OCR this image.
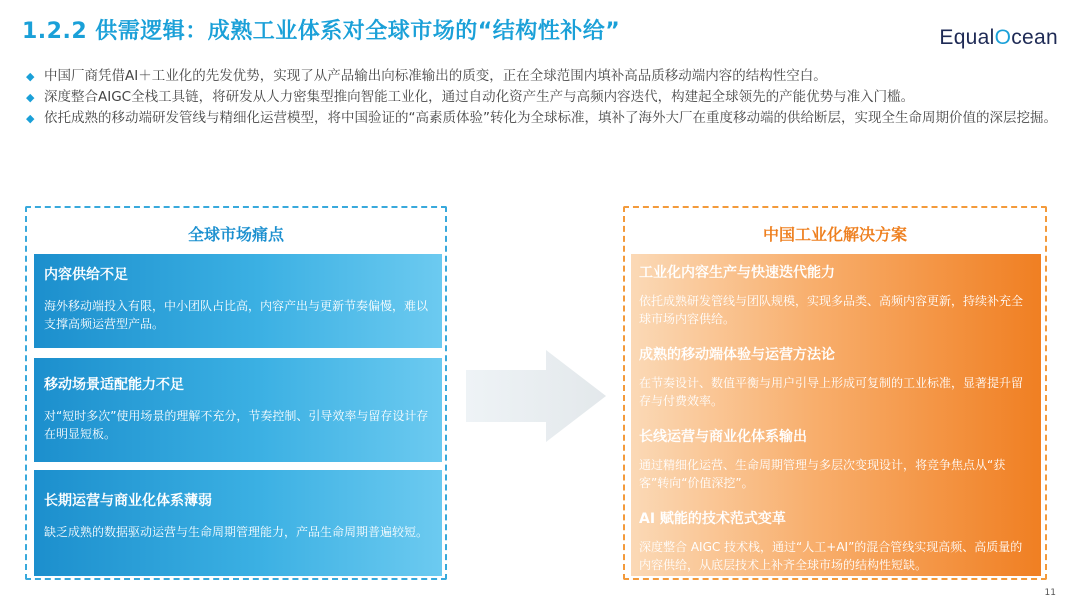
1.2.2 供需逻辑：成熟工业体系对全球市场的“结构性补给”	EqualOcean
◆ 中国厂商凭借AI＋工业化的先发优势，实现了从产品输出向标准输出的质变，正在全球范围内填补高品质移动端内容的结构性空白。
◆ 深度整合AIGC全栈工具链，将研发从人力密集型推向智能工业化，通过自动化资产生产与高频内容迭代，构建起全球领先的产能优势与准入门槛。
◆ 依托成熟的移动端研发管线与精细化运营模型，将中国验证的“高素质体验”转化为全球标准，填补了海外大厂在重度移动端的供给断层，实现全生命周期价值的深层挖掘。
全球市场痛点
内容供给不足
海外移动端投入有限，中小团队占比高，内容产出与更新节奏偏慢，难以支撑高频运营型产品。
移动场景适配能力不足
对“短时多次”使用场景的理解不充分，节奏控制、引导效率与留存设计存在明显短板。
长期运营与商业化体系薄弱
缺乏成熟的数据驱动运营与生命周期管理能力，产品生命周期普遍较短。
中国工业化解决方案
工业化内容生产与快速迭代能力
依托成熟研发管线与团队规模，实现多品类、高频内容更新，持续补充全球市场内容供给。
成熟的移动端体验与运营方法论
在节奏设计、数值平衡与用户引导上形成可复制的工业标准，显著提升留存与付费效率。
长线运营与商业化体系输出
通过精细化运营、生命周期管理与多层次变现设计，将竞争焦点从“获客”转向“价值深挖”。
AI 赋能的技术范式变革
深度整合 AIGC 技术栈，通过“人工+AI”的混合管线实现高频、高质量的内容供给，从底层技术上补齐全球市场的结构性短缺。
11
